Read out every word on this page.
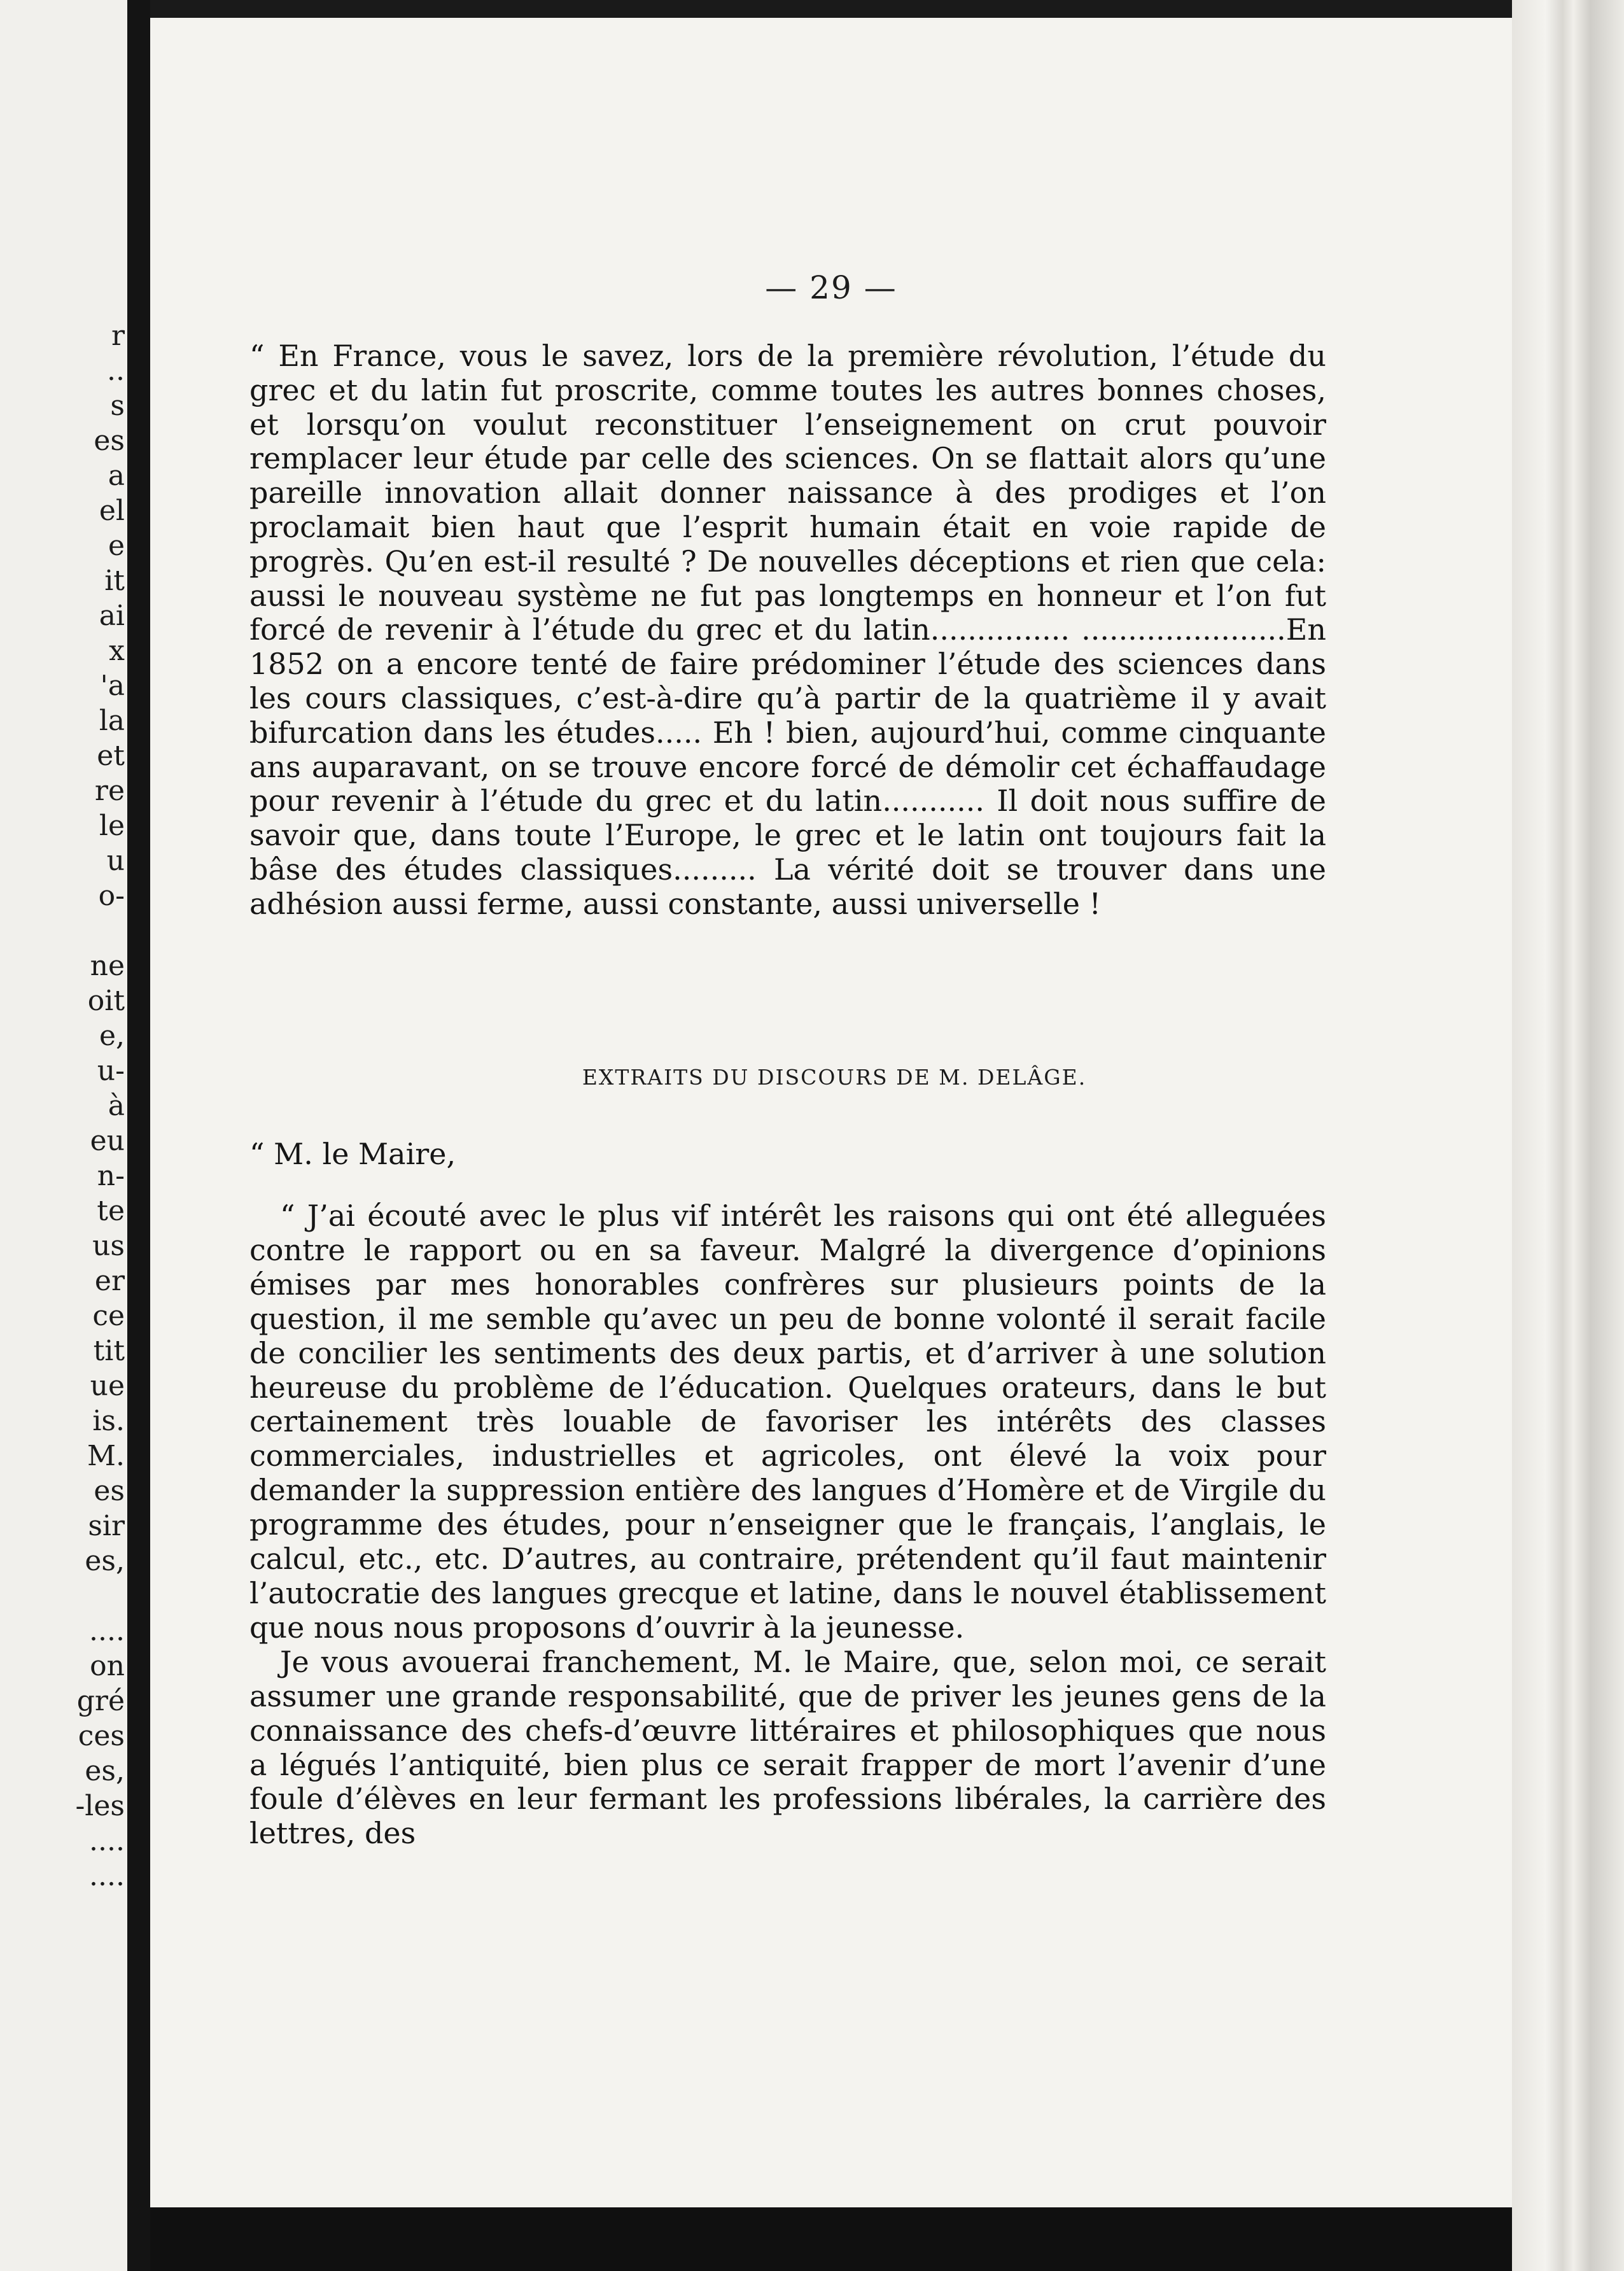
r
..
s
es
a
el
e
it
ai
x
'a
la
et
re
le
u
o-

ne
oit
e,
u-
à
eu
n-
te
us
er
ce
tit
ue
is.
M.
es
sir
es,

....
on
gré
ces
es,
-les
....
....
— 29 —

“ En France, vous le savez, lors de la première révolution, l’étude du grec et du latin fut proscrite, comme toutes les autres bonnes choses, et lorsqu’on voulut reconstituer l’enseignement on crut pouvoir remplacer leur étude par celle des sciences. On se flattait alors qu’une pareille innovation allait donner naissance à des prodiges et l’on proclamait bien haut que l’esprit humain était en voie rapide de progrès. Qu’en est-il resulté ? De nouvelles déceptions et rien que cela: aussi le nouveau système ne fut pas longtemps en honneur et l’on fut forcé de revenir à l’étude du grec et du latin............... ......................En 1852 on a encore tenté de faire prédominer l’étude des sciences dans les cours classiques, c’est-à-dire qu’à partir de la quatrième il y avait bifurcation dans les études..... Eh ! bien, aujourd’hui, comme cinquante ans auparavant, on se trouve encore forcé de démolir cet échaffaudage pour revenir à l’étude du grec et du latin........... Il doit nous suffire de savoir que, dans toute l’Europe, le grec et le latin ont toujours fait la bâse des études classiques......... La vérité doit se trouver dans une adhésion aussi ferme, aussi constante, aussi universelle !

EXTRAITS DU DISCOURS DE M. DELÂGE.
“ M. le Maire,

“ J’ai écouté avec le plus vif intérêt les raisons qui ont été alleguées contre le rapport ou en sa faveur. Malgré la divergence d’opinions émises par mes honorables confrères sur plusieurs points de la question, il me semble qu’avec un peu de bonne volonté il serait facile de concilier les sentiments des deux partis, et d’arriver à une solution heureuse du problème de l’éducation. Quelques orateurs, dans le but certainement très louable de favoriser les intérêts des classes commerciales, industrielles et agricoles, ont élevé la voix pour demander la suppression entière des langues d’Homère et de Virgile du programme des études, pour n’enseigner que le français, l’anglais, le calcul, etc., etc. D’autres, au contraire, prétendent qu’il faut maintenir l’autocratie des langues grecque et latine, dans le nouvel établissement que nous nous proposons d’ouvrir à la jeunesse.

Je vous avouerai franchement, M. le Maire, que, selon moi, ce serait assumer une grande responsabilité, que de priver les jeunes gens de la connaissance des chefs-d’œuvre littéraires et philosophiques que nous a légués l’antiquité, bien plus ce serait frapper de mort l’avenir d’une foule d’élèves en leur fermant les professions libérales, la carrière des lettres, des
